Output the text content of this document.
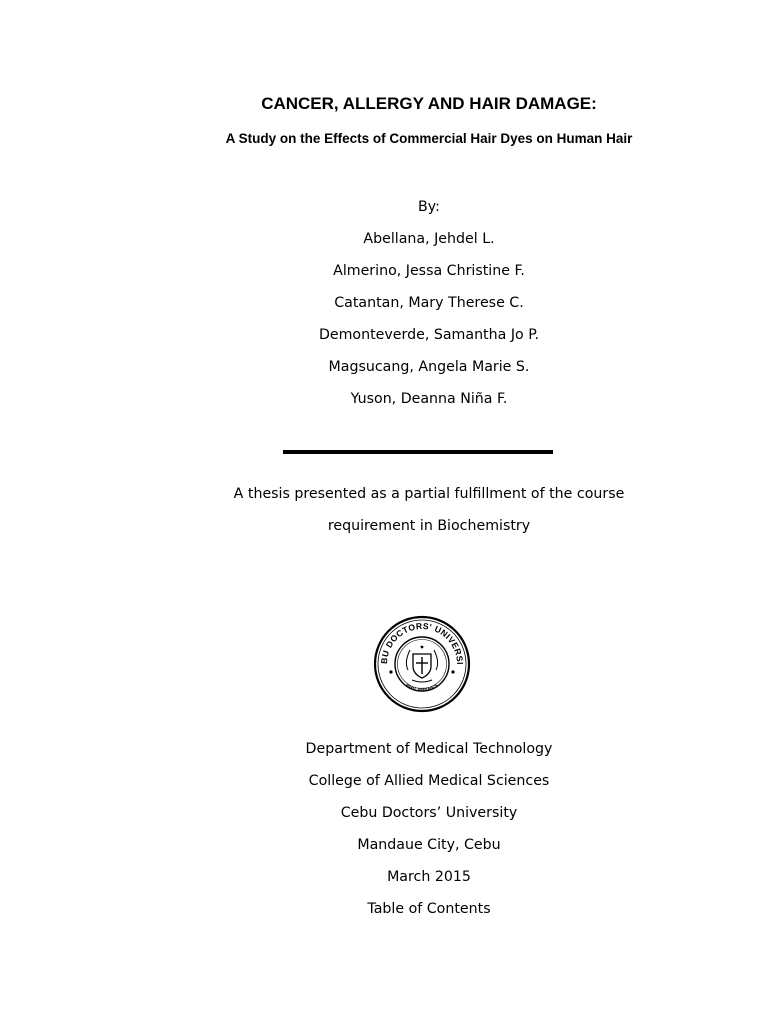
CANCER, ALLERGY AND HAIR DAMAGE:
A Study on the Effects of Commercial Hair Dyes on Human Hair
By:
Abellana, Jehdel L.
Almerino, Jessa Christine F.
Catantan, Mary Therese C.
Demonteverde, Samantha Jo P.
Magsucang, Angela Marie S.
Yuson, Deanna Niña F.
A thesis presented as a partial fulfillment of the course
requirement in Biochemistry
BU DOCTORS' UNIVERSI
PHILIPPINES
Department of Medical Technology
College of Allied Medical Sciences
Cebu Doctors’ University
Mandaue City, Cebu
March 2015
Table of Contents
